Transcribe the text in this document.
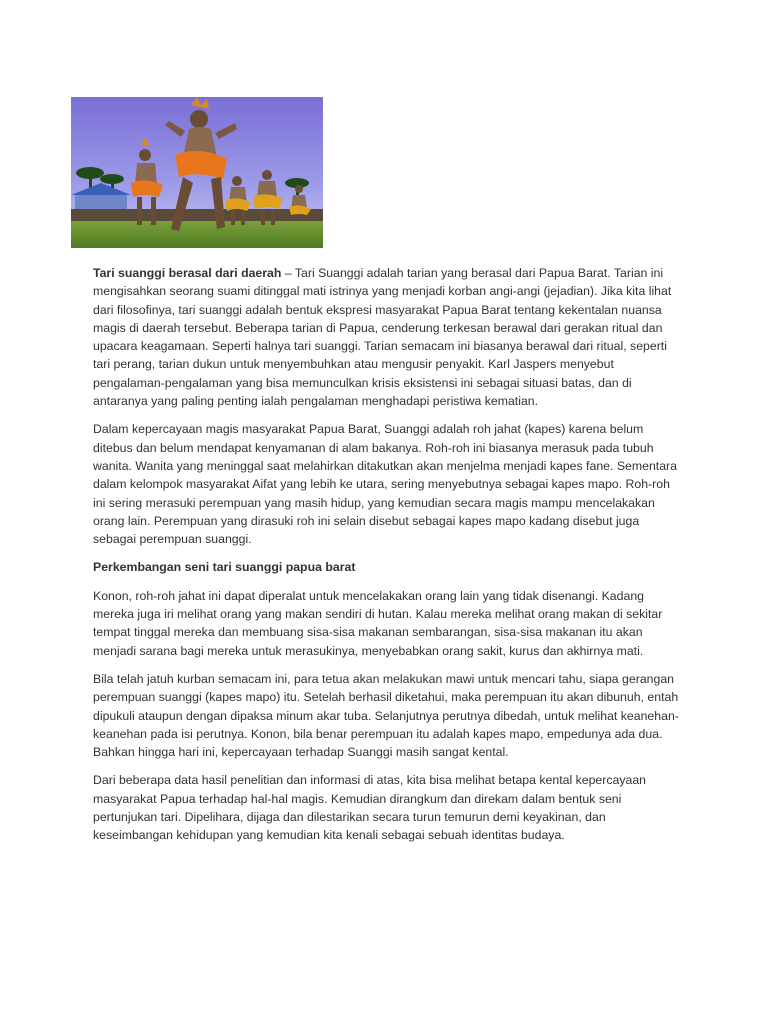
Tari suanggi berasal dari daerah – Tari Suanggi adalah tarian yang berasal dari Papua Barat. Tarian ini mengisahkan seorang suami ditinggal mati istrinya yang menjadi korban angi-angi (jejadian). Jika kita lihat dari filosofinya, tari suanggi adalah bentuk ekspresi masyarakat Papua Barat tentang kekentalan nuansa magis di daerah tersebut. Beberapa tarian di Papua, cenderung terkesan berawal dari gerakan ritual dan upacara keagamaan. Seperti halnya tari suanggi. Tarian semacam ini biasanya berawal dari ritual, seperti tari perang, tarian dukun untuk menyembuhkan atau mengusir penyakit. Karl Jaspers menyebut pengalaman-pengalaman yang bisa memunculkan krisis eksistensi ini sebagai situasi batas, dan di antaranya yang paling penting ialah pengalaman menghadapi peristiwa kematian.

Dalam kepercayaan magis masyarakat Papua Barat, Suanggi adalah roh jahat (kapes) karena belum ditebus dan belum mendapat kenyamanan di alam bakanya. Roh-roh ini biasanya merasuk pada tubuh wanita. Wanita yang meninggal saat melahirkan ditakutkan akan menjelma menjadi kapes fane. Sementara dalam kelompok masyarakat Aifat yang lebih ke utara, sering menyebutnya sebagai kapes mapo. Roh-roh ini sering merasuki perempuan yang masih hidup, yang kemudian secara magis mampu mencelakakan orang lain. Perempuan yang dirasuki roh ini selain disebut sebagai kapes mapo kadang disebut juga sebagai perempuan suanggi.

Perkembangan seni tari suanggi papua barat

Konon, roh-roh jahat ini dapat diperalat untuk mencelakakan orang lain yang tidak disenangi. Kadang mereka juga iri melihat orang yang makan sendiri di hutan. Kalau mereka melihat orang makan di sekitar tempat tinggal mereka dan membuang sisa-sisa makanan sembarangan, sisa-sisa makanan itu akan menjadi sarana bagi mereka untuk merasukinya, menyebabkan orang sakit, kurus dan akhirnya mati.

Bila telah jatuh kurban semacam ini, para tetua akan melakukan mawi untuk mencari tahu, siapa gerangan perempuan suanggi (kapes mapo) itu. Setelah berhasil diketahui, maka perempuan itu akan dibunuh, entah dipukuli ataupun dengan dipaksa minum akar tuba. Selanjutnya perutnya dibedah, untuk melihat keanehan-keanehan pada isi perutnya. Konon, bila benar perempuan itu adalah kapes mapo, empedunya ada dua. Bahkan hingga hari ini, kepercayaan terhadap Suanggi masih sangat kental.

Dari beberapa data hasil penelitian dan informasi di atas, kita bisa melihat betapa kental kepercayaan masyarakat Papua terhadap hal-hal magis. Kemudian dirangkum dan direkam dalam bentuk seni pertunjukan tari. Dipelihara, dijaga dan dilestarikan secara turun temurun demi keyakinan, dan keseimbangan kehidupan yang kemudian kita kenali sebagai sebuah identitas budaya.
